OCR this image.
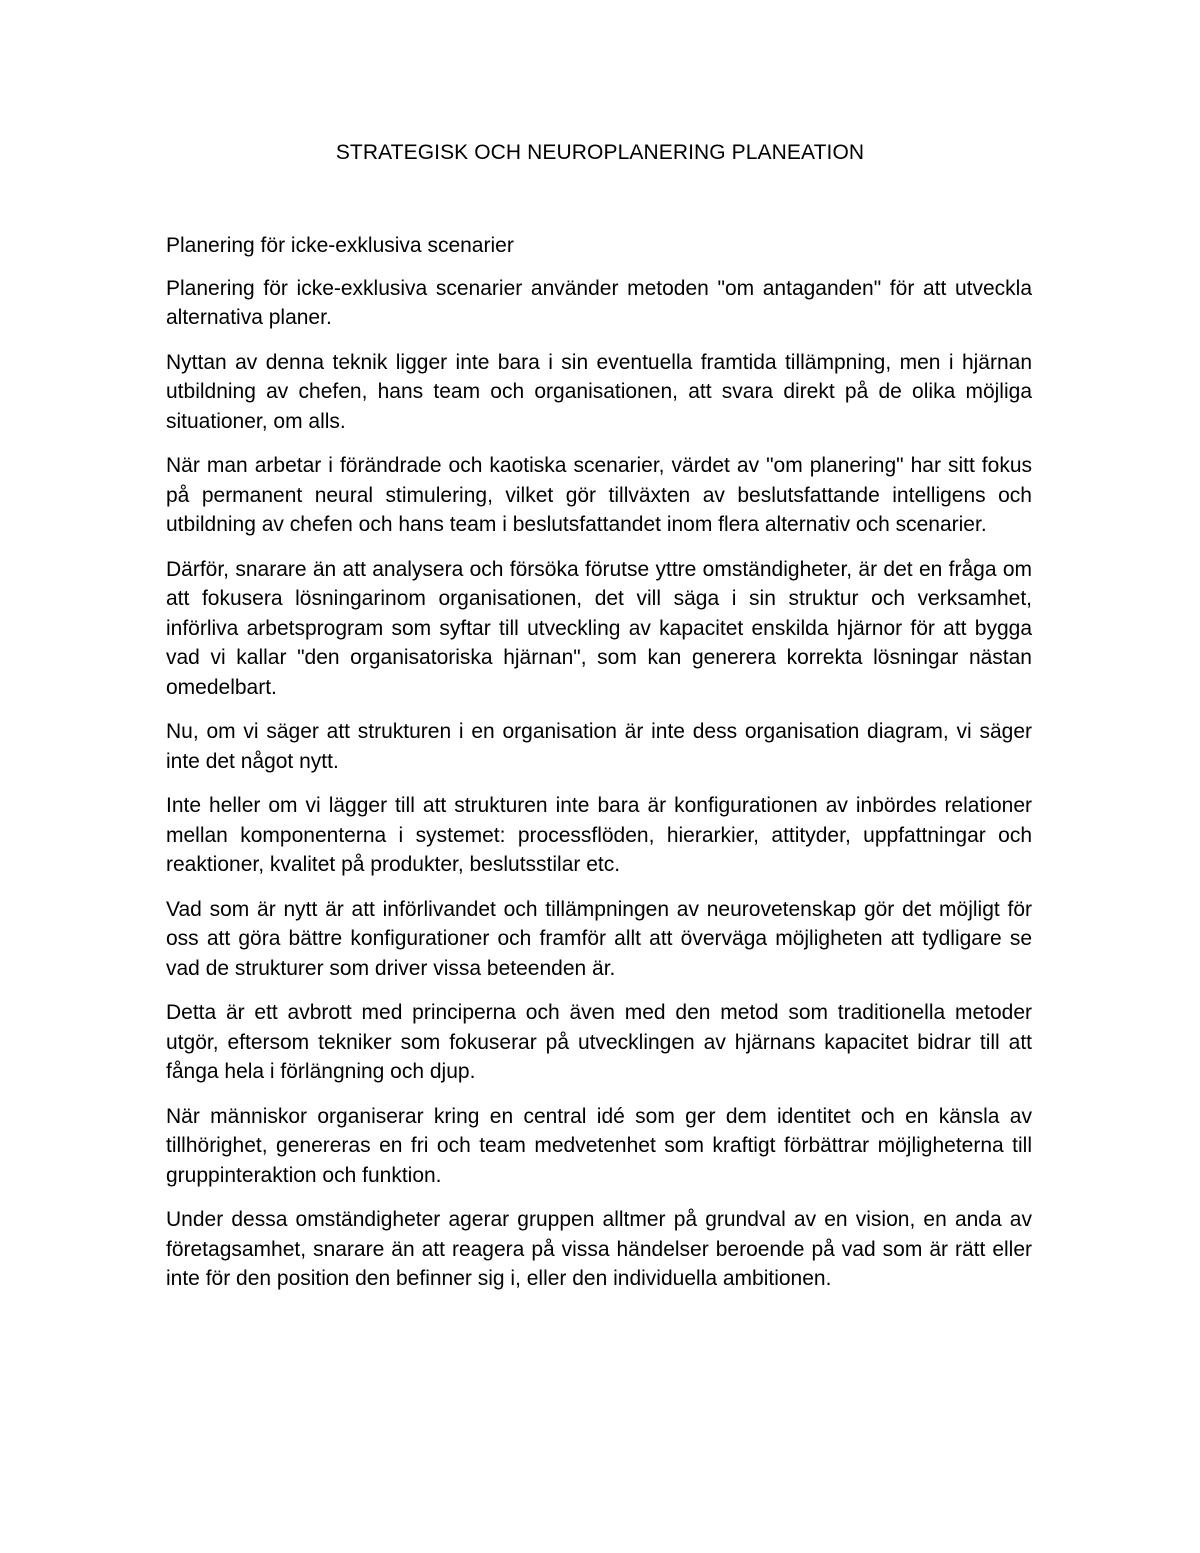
STRATEGISK OCH NEUROPLANERING PLANEATION

Planering för icke-exklusiva scenarier

Planering för icke-exklusiva scenarier använder metoden "om antaganden" för att utveckla alternativa planer.

Nyttan av denna teknik ligger inte bara i sin eventuella framtida tillämpning, men i hjärnan utbildning av chefen, hans team och organisationen, att svara direkt på de olika möjliga situationer, om alls.

När man arbetar i förändrade och kaotiska scenarier, värdet av "om planering" har sitt fokus på permanent neural stimulering, vilket gör tillväxten av beslutsfattande intelligens och utbildning av chefen och hans team i beslutsfattandet inom flera alternativ och scenarier.

Därför, snarare än att analysera och försöka förutse yttre omständigheter, är det en fråga om att fokusera lösningarinom organisationen, det vill säga i sin struktur och verksamhet, införliva arbetsprogram som syftar till utveckling av kapacitet enskilda hjärnor för att bygga vad vi kallar "den organisatoriska hjärnan", som kan generera korrekta lösningar nästan omedelbart.

Nu, om vi säger att strukturen i en organisation är inte dess organisation diagram, vi säger inte det något nytt.

Inte heller om vi lägger till att strukturen inte bara är konfigurationen av inbördes relationer mellan komponenterna i systemet: processflöden, hierarkier, attityder, uppfattningar och reaktioner, kvalitet på produkter, beslutsstilar etc.

Vad som är nytt är att införlivandet och tillämpningen av neurovetenskap gör det möjligt för oss att göra bättre konfigurationer och framför allt att överväga möjligheten att tydligare se vad de strukturer som driver vissa beteenden är.

Detta är ett avbrott med principerna och även med den metod som traditionella metoder utgör, eftersom tekniker som fokuserar på utvecklingen av hjärnans kapacitet bidrar till att fånga hela i förlängning och djup.

När människor organiserar kring en central idé som ger dem identitet och en känsla av tillhörighet, genereras en fri och team medvetenhet som kraftigt förbättrar möjligheterna till gruppinteraktion och funktion.

Under dessa omständigheter agerar gruppen alltmer på grundval av en vision, en anda av företagsamhet, snarare än att reagera på vissa händelser beroende på vad som är rätt eller inte för den position den befinner sig i, eller den individuella ambitionen.
